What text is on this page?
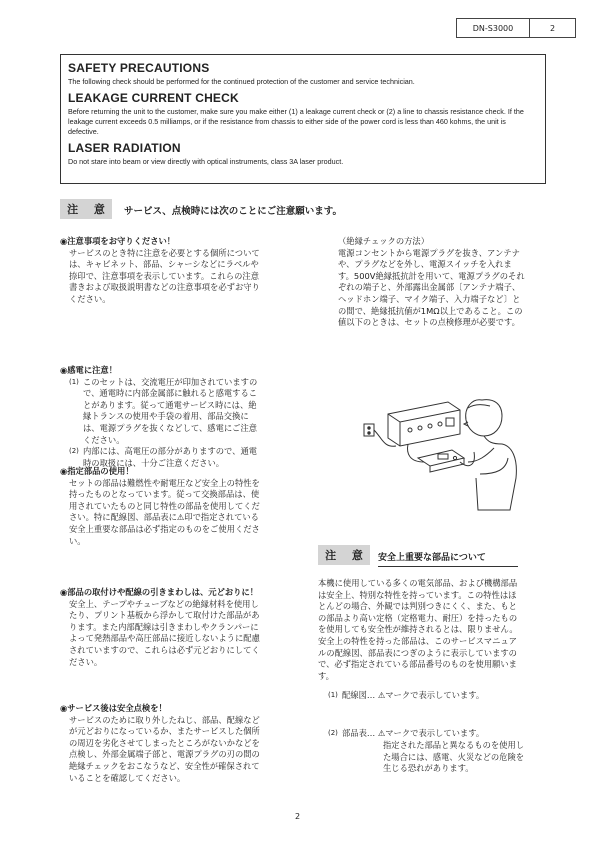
DN-S3000	2

SAFETY PRECAUTIONS

The following check should be performed for the continued protection of the customer and service technician.

LEAKAGE CURRENT CHECK

Before returning the unit to the customer, make sure you make either (1) a leakage current check or (2) a line to chassis resistance check. If the leakage current exceeds 0.5 milliamps, or if the resistance from chassis to either side of the power cord is less than 460 kohms, the unit is defective.

LASER RADIATION

Do not stare into beam or view directly with optical instruments, class 3A laser product.

注 意 サービス、点検時には次のことにご注意願います。
◉注意事項をお守りください！
サービスのとき特に注意を必要とする個所について
は、キャビネット、部品、シャーシなどにラベルや
捺印で、注意事項を表示しています。これらの注意
書きおよび取扱説明書などの注意事項を必ずお守り
ください。
◉感電に注意！
(1) このセットは、交流電圧が印加されていますの
で、通電時に内部金属部に触れると感電するこ
とがあります。従って通電サービス時には、絶
縁トランスの使用や手袋の着用、部品交換に
は、電源プラグを抜くなどして、感電にご注意
ください。
(2) 内部には、高電圧の部分がありますので、通電
時の取扱には、十分ご注意ください。
◉指定部品の使用！
セットの部品は難燃性や耐電圧など安全上の特性を
持ったものとなっています。従って交換部品は、使
用されていたものと同じ特性の部品を使用してくだ
さい。特に配線図、部品表に⚠印で指定されている
安全上重要な部品は必ず指定のものをご使用くださ
い。
◉部品の取付けや配線の引きまわしは、元どおりに！
安全上、テープやチューブなどの絶縁材料を使用し
たり、プリント基板から浮かして取付けた部品があ
ります。また内部配線は引きまわしやクランパーに
よって発熱部品や高圧部品に接近しないように配慮
されていますので、これらは必ず元どおりにしてく
ださい。
◉サービス後は安全点検を！
サービスのために取り外したねじ、部品、配線など
が元どおりになっているか、またサービスした個所
の周辺を劣化させてしまったところがないかなどを
点検し、外部金属端子部と、電源プラグの刃の間の
絶縁チェックをおこなうなど、安全性が確保されて
いることを確認してください。
（絶縁チェックの方法）
電源コンセントから電源プラグを抜き、アンテナ
や、プラグなどを外し、電源スイッチを入れま
す。500V絶縁抵抗計を用いて、電源プラグのそれ
ぞれの端子と、外部露出金属部〔アンテナ端子、
ヘッドホン端子、マイク端子、入力端子など〕と
の間で、絶縁抵抗値が1MΩ以上であること。この
値以下のときは、セットの点検修理が必要です。
注 意 安全上重要な部品について
本機に使用している多くの電気部品、および機構部品
は安全上、特別な特性を持っています。この特性はほ
とんどの場合、外観では判別つきにくく、また、もと
の部品より高い定格（定格電力、耐圧）を持ったもの
を使用しても安全性が維持されるとは、限りません。
安全上の特性を持った部品は、このサービスマニュア
ルの配線図、部品表につぎのように表示していますの
で、必ず指定されている部品番号のものを使用願いま
す。
(1) 配線図… ⚠マークで表示しています。
(2) 部品表… ⚠マークで表示しています。
指定された部品と異なるものを使用し
た場合には、感電、火災などの危険を
生じる恐れがあります。
2
